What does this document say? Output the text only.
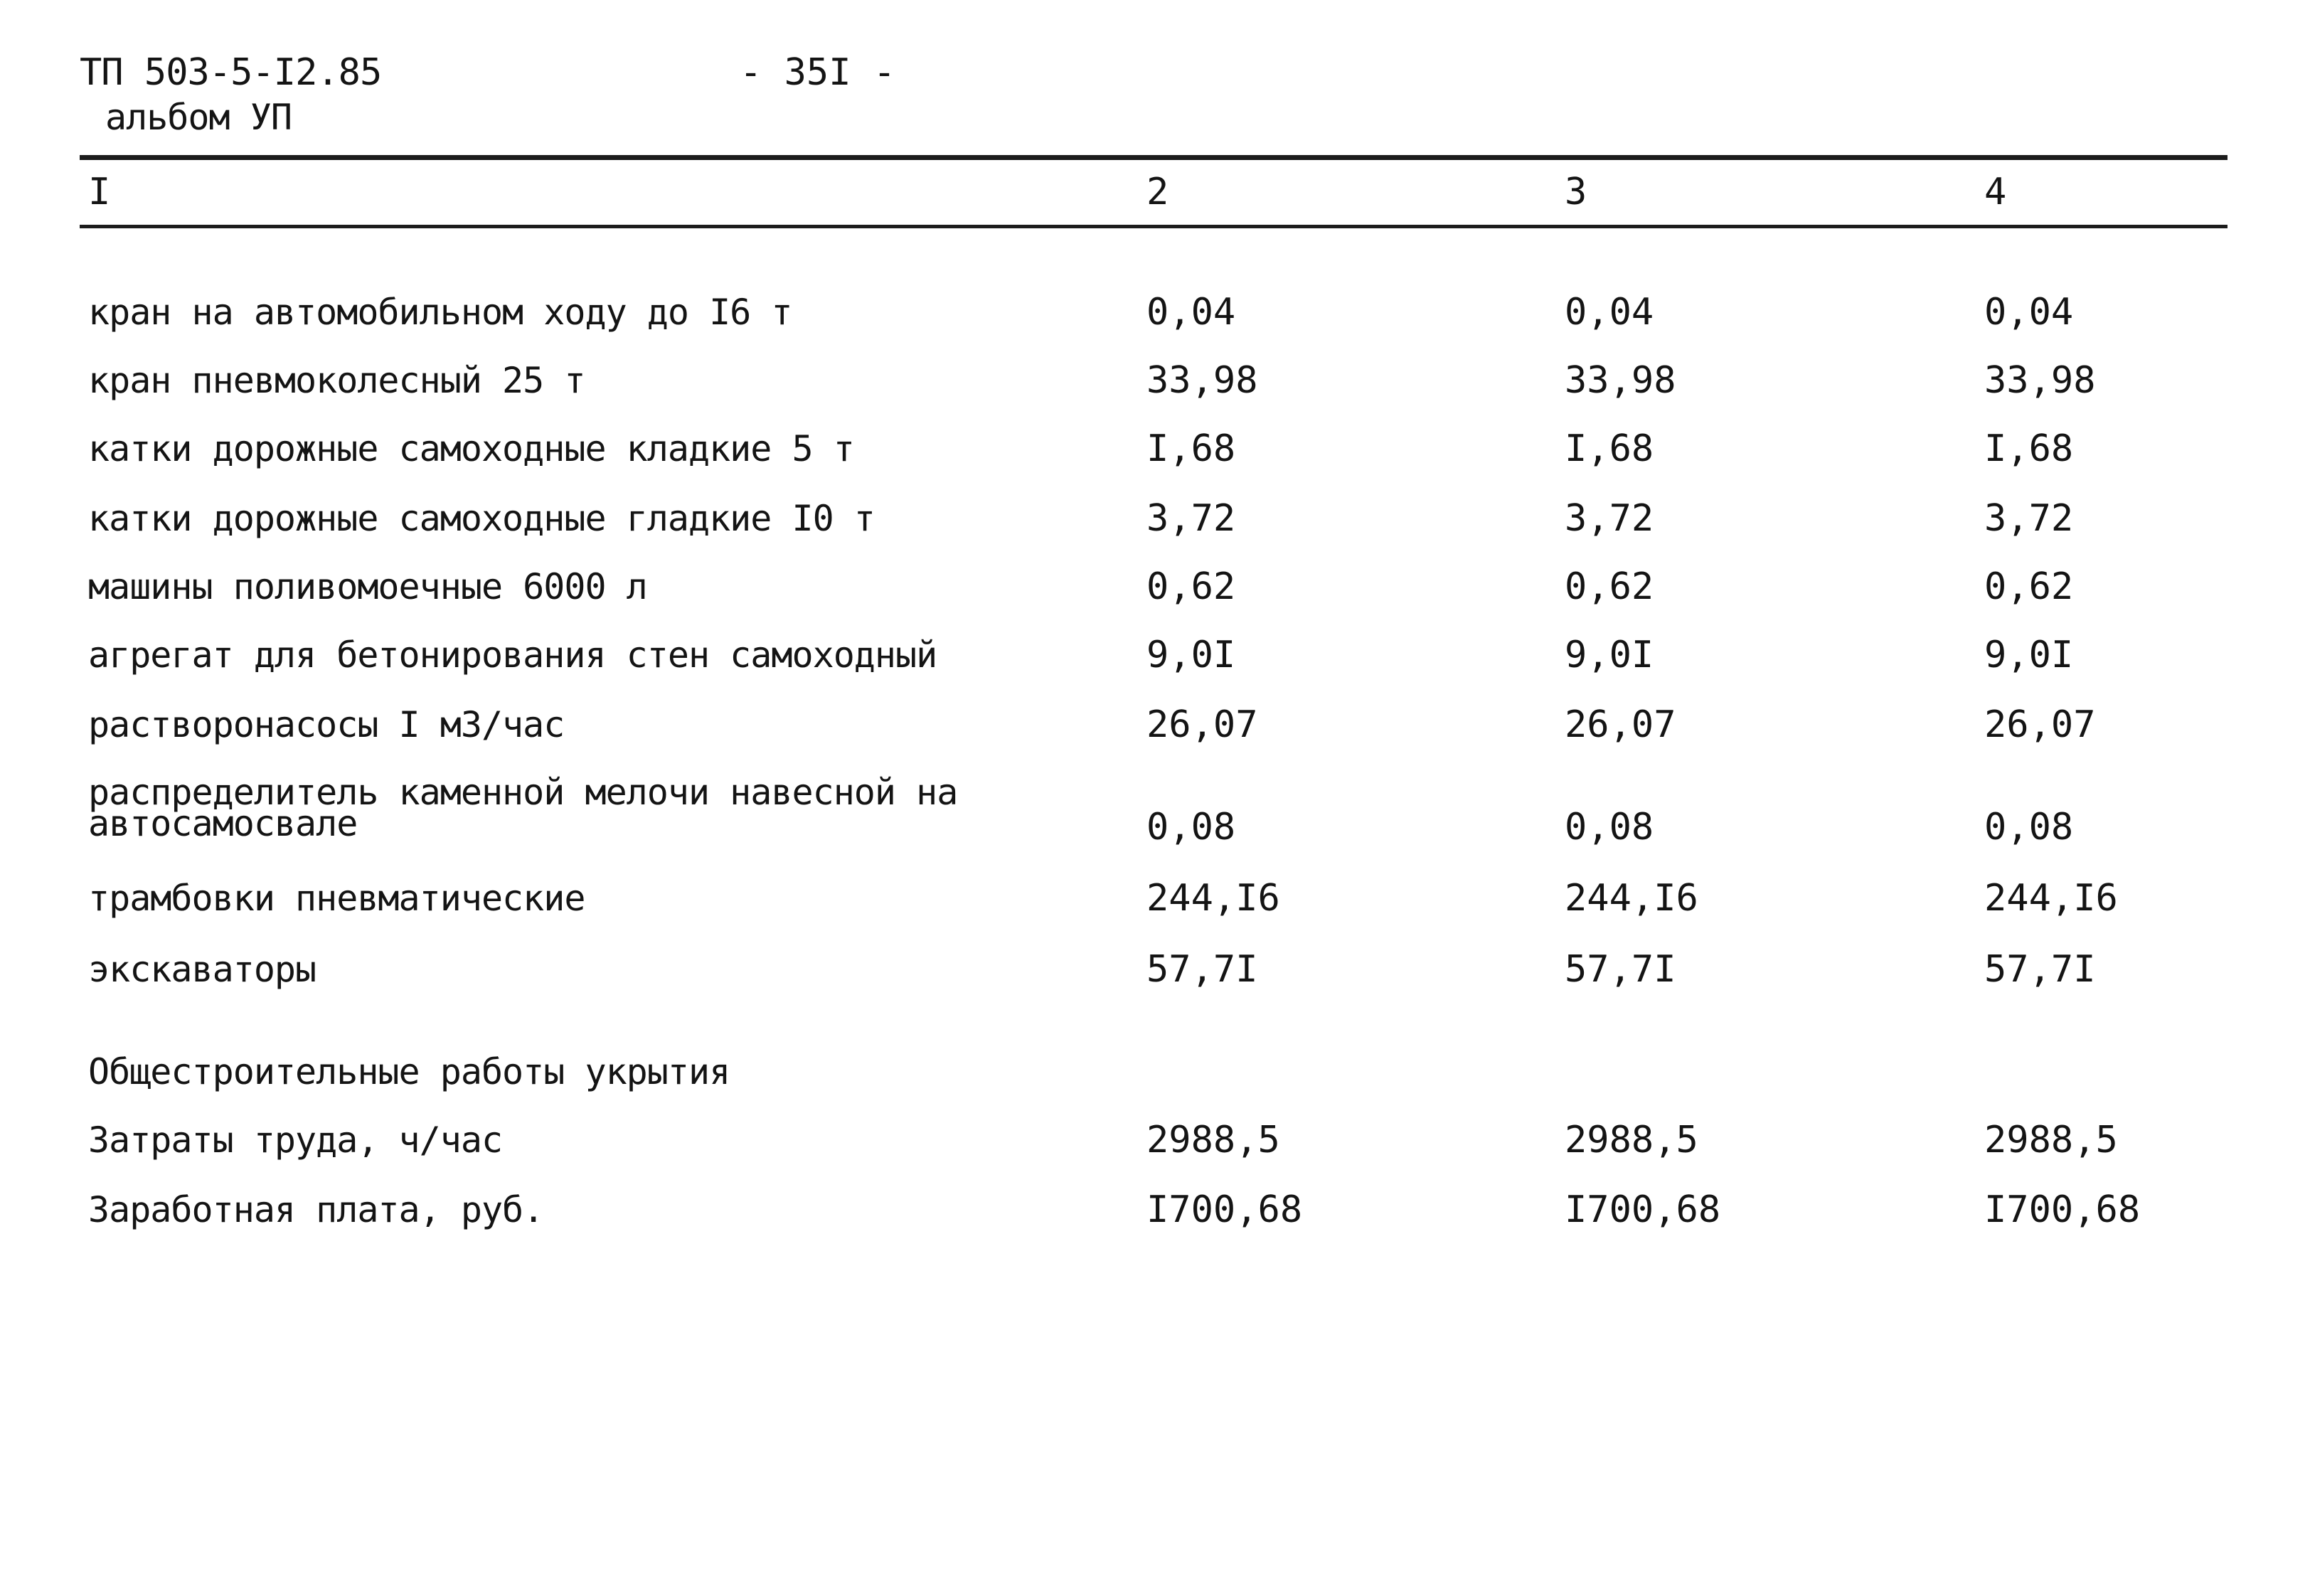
ТП 503-5-I2.85
альбом УП
- 35I -
I	2	3	4
кран на автомобильном ходу до I6 т	0,04	0,04	0,04
кран пневмоколесный 25 т	33,98	33,98	33,98
катки дорожные самоходные кладкие 5 т	I,68	I,68	I,68
катки дорожные самоходные гладкие I0 т	3,72	3,72	3,72
машины поливомоечные 6000 л	0,62	0,62	0,62
агрегат для бетонирования стен самоходный	9,0I	9,0I	9,0I
растворонасосы I м3/час	26,07	26,07	26,07
распределитель каменной мелочи навесной на автосамосвале	0,08	0,08	0,08
трамбовки пневматические	244,I6	244,I6	244,I6
экскаваторы	57,7I	57,7I	57,7I
Общестроительные работы укрытия
Затраты труда, ч/час	2988,5	2988,5	2988,5
Заработная плата, руб.	I700,68	I700,68	I700,68
